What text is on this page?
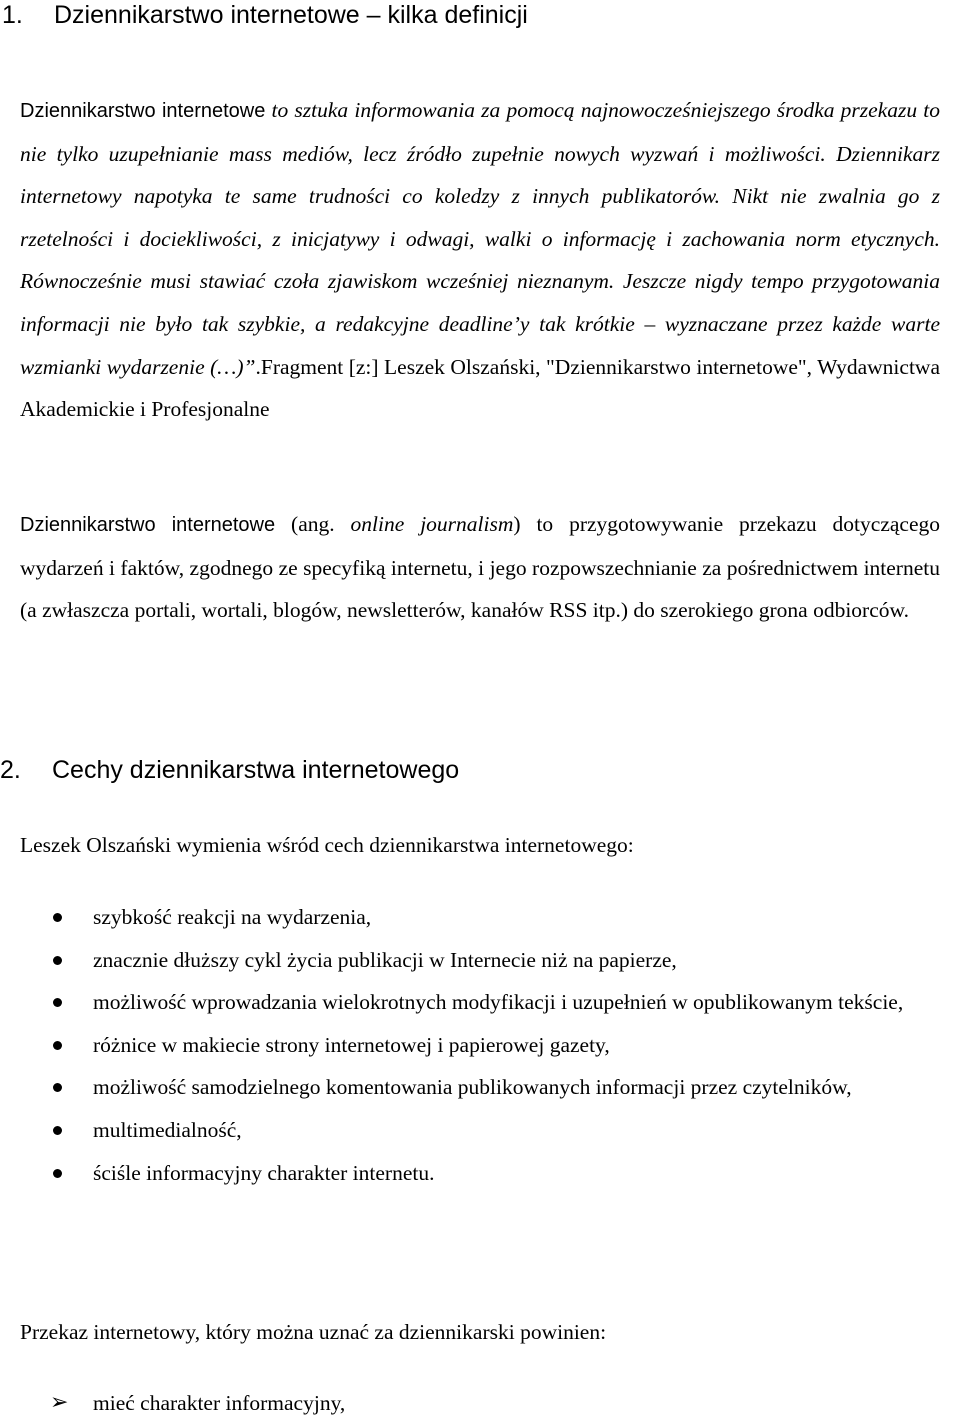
1. Dziennikarstwo internetowe – kilka definicji
Dziennikarstwo internetowe to sztuka informowania za pomocą najnowocześniejszego środka przekazu to nie tylko uzupełnianie mass mediów, lecz źródło zupełnie nowych wyzwań i możliwości. Dziennikarz internetowy napotyka te same trudności co koledzy z innych publikatorów. Nikt nie zwalnia go z rzetelności i dociekliwości, z inicjatywy i odwagi, walki o informację i zachowania norm etycznych. Równocześnie musi stawiać czoła zjawiskom wcześniej nieznanym. Jeszcze nigdy tempo przygotowania informacji nie było tak szybkie, a redakcyjne deadline’y tak krótkie – wyznaczane przez każde warte wzmianki wydarzenie (…)”.Fragment [z:] Leszek Olszański, "Dziennikarstwo internetowe", Wydawnictwa Akademickie i Profesjonalne
Dziennikarstwo internetowe (ang. online journalism) to przygotowywanie przekazu dotyczącego wydarzeń i faktów, zgodnego ze specyfiką internetu, i jego rozpowszechnianie za pośrednictwem internetu (a zwłaszcza portali, wortali, blogów, newsletterów, kanałów RSS itp.) do szerokiego grona odbiorców.
2. Cechy dziennikarstwa internetowego
Leszek Olszański wymienia wśród cech dziennikarstwa internetowego:
szybkość reakcji na wydarzenia,
znacznie dłuższy cykl życia publikacji w Internecie niż na papierze,
możliwość wprowadzania wielokrotnych modyfikacji i uzupełnień w opublikowanym tekście,
różnice w makiecie strony internetowej i papierowej gazety,
możliwość samodzielnego komentowania publikowanych informacji przez czytelników,
multimedialność,
ściśle informacyjny charakter internetu.
Przekaz internetowy, który można uznać za dziennikarski powinien:
➢ mieć charakter informacyjny,
